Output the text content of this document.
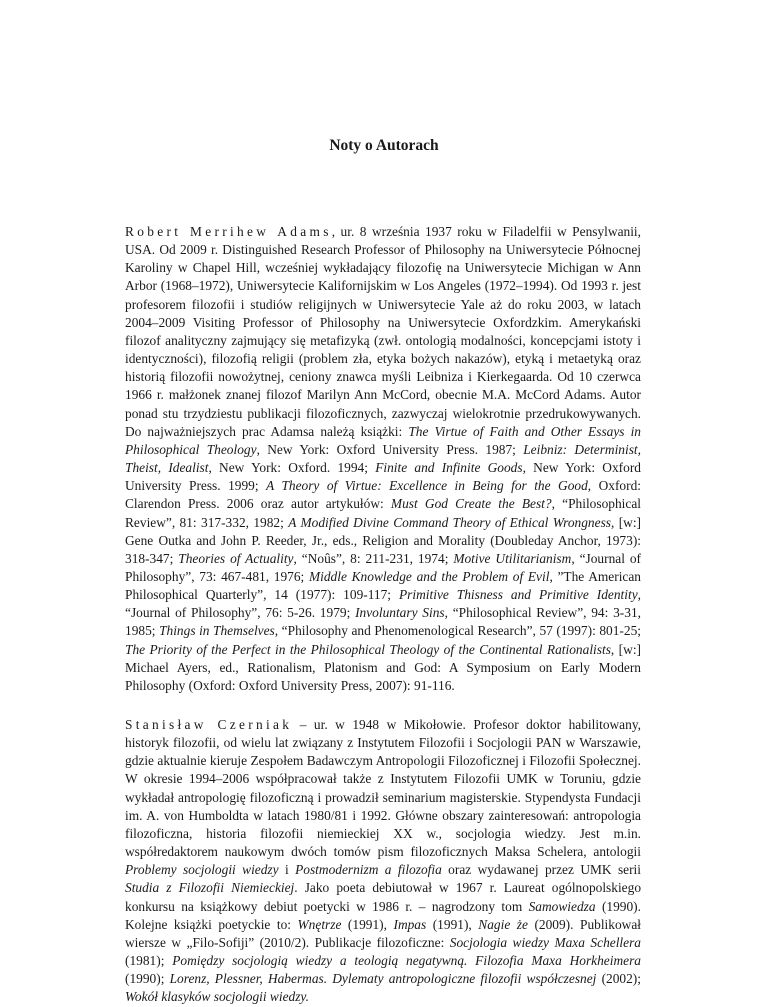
Noty o Autorach
Robert Merrihew Adams, ur. 8 września 1937 roku w Filadelfii w Pensylwanii, USA. Od 2009 r. Distinguished Research Professor of Philosophy na Uniwersytecie Północnej Karoliny w Chapel Hill, wcześniej wykładający filozofię na Uniwersytecie Michigan w Ann Arbor (1968–1972), Uniwersytecie Kalifornijskim w Los Angeles (1972–1994). Od 1993 r. jest profesorem filozofii i studiów religijnych w Uniwersytecie Yale aż do roku 2003, w latach 2004–2009 Visiting Professor of Philosophy na Uniwersytecie Oxfordzkim. Amerykański filozof analityczny zajmujący się metafizyką (zwł. ontologią modalności, koncepcjami istoty i identyczności), filozofią religii (problem zła, etyka bożych nakazów), etyką i metaetyką oraz historią filozofii nowożytnej, ceniony znawca myśli Leibniza i Kierkegaarda. Od 10 czerwca 1966 r. małżonek znanej filozof Marilyn Ann McCord, obecnie M.A. McCord Adams. Autor ponad stu trzydziestu publikacji filozoficznych, zazwyczaj wielokrotnie przedrukowywanych. Do najważniejszych prac Adamsa należą książki: The Virtue of Faith and Other Essays in Philosophical Theology, New York: Oxford University Press. 1987; Leibniz: Determinist, Theist, Idealist, New York: Oxford. 1994; Finite and Infinite Goods, New York: Oxford University Press. 1999; A Theory of Virtue: Excellence in Being for the Good, Oxford: Clarendon Press. 2006 oraz autor artykułów: Must God Create the Best?, “Philosophical Review”, 81: 317-332, 1982; A Modified Divine Command Theory of Ethical Wrongness, [w:] Gene Outka and John P. Reeder, Jr., eds., Religion and Morality (Doubleday Anchor, 1973): 318-347; Theories of Actuality, “Noûs”, 8: 211-231, 1974; Motive Utilitarianism, “Journal of Philosophy”, 73: 467-481, 1976; Middle Knowledge and the Problem of Evil, ”The American Philosophical Quarterly”, 14 (1977): 109-117; Primitive Thisness and Primitive Identity, “Journal of Philosophy”, 76: 5-26. 1979; Involuntary Sins, “Philosophical Review”, 94: 3-31, 1985; Things in Themselves, “Philosophy and Phenomenological Research”, 57 (1997): 801-25; The Priority of the Perfect in the Philosophical Theology of the Continental Rationalists, [w:] Michael Ayers, ed., Rationalism, Platonism and God: A Symposium on Early Modern Philosophy (Oxford: Oxford University Press, 2007): 91-116.
Stanisław Czerniak – ur. w 1948 w Mikołowie. Profesor doktor habilitowany, historyk filozofii, od wielu lat związany z Instytutem Filozofii i Socjologii PAN w Warszawie, gdzie aktualnie kieruje Zespołem Badawczym Antropologii Filozoficznej i Filozofii Społecznej. W okresie 1994–2006 współpracował także z Instytutem Filozofii UMK w Toruniu, gdzie wykładał antropologię filozoficzną i prowadził seminarium magisterskie. Stypendysta Fundacji im. A. von Humboldta w latach 1980/81 i 1992. Główne obszary zainteresowań: antropologia filozoficzna, historia filozofii niemieckiej XX w., socjologia wiedzy. Jest m.in. współredaktorem naukowym dwóch tomów pism filozoficznych Maksa Schelera, antologii Problemy socjologii wiedzy i Postmodernizm a filozofia oraz wydawanej przez UMK serii Studia z Filozofii Niemieckiej. Jako poeta debiutował w 1967 r. Laureat ogólnopolskiego konkursu na książkowy debiut poetycki w 1986 r. – nagrodzony tom Samowiedza (1990). Kolejne książki poetyckie to: Wnętrze (1991), Impas (1991), Nagie że (2009). Publikował wiersze w „Filo-Sofiji” (2010/2). Publikacje filozoficzne: Socjologia wiedzy Maxa Schellera (1981); Pomiędzy socjologią wiedzy a teologią negatywną. Filozofia Maxa Horkheimera (1990); Lorenz, Plessner, Habermas. Dylematy antropologiczne filozofii współczesnej (2002); Wokół klasyków socjologii wiedzy.
